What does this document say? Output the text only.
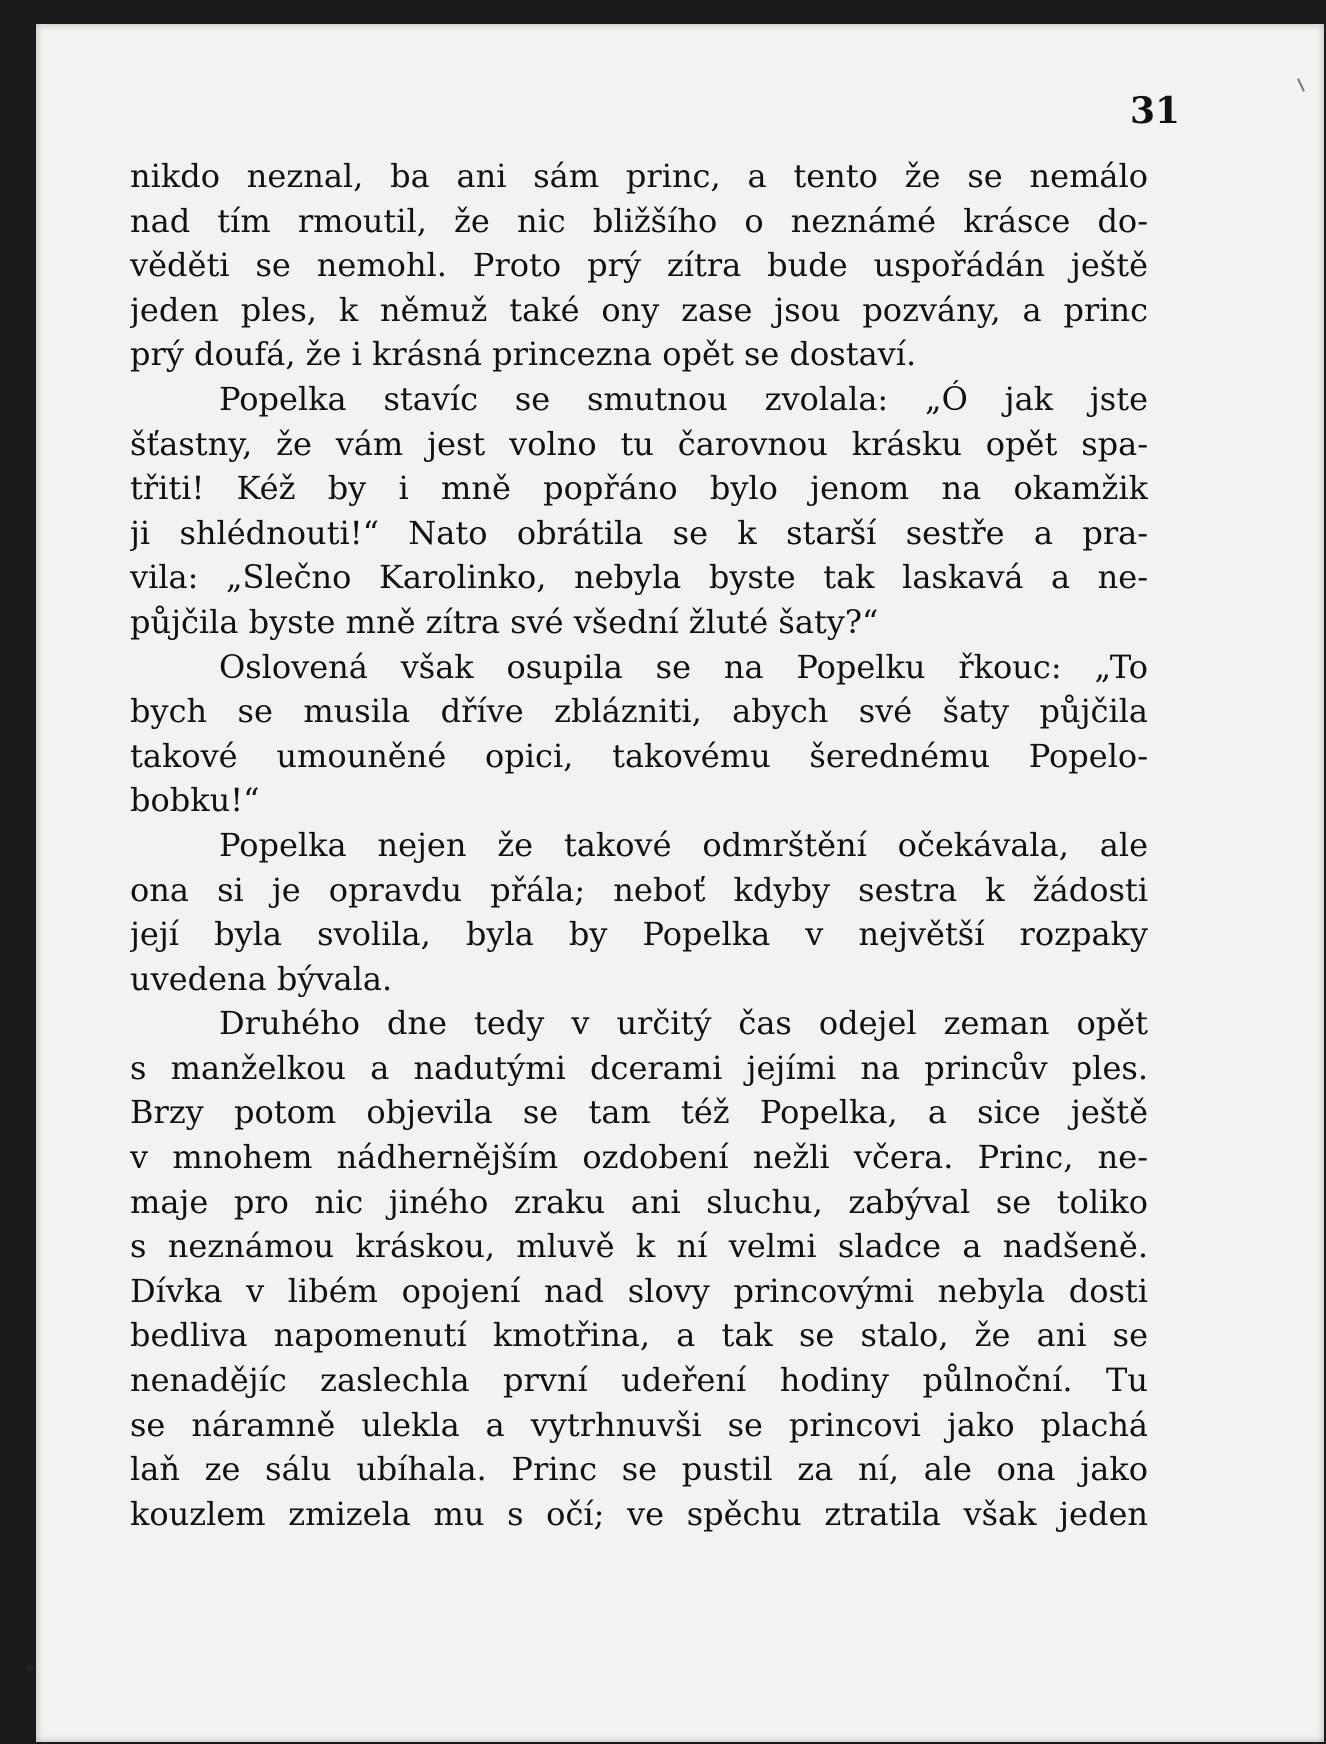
31
nikdo neznal, ba ani sám princ, a tento že se nemálo
nad tím rmoutil, že nic bližšího o neznámé krásce do-
věděti se nemohl. Proto prý zítra bude uspořádán ještě
jeden ples, k němuž také ony zase jsou pozvány, a princ
prý doufá, že i krásná princezna opět se dostaví.
Popelka stavíc se smutnou zvolala: „Ó jak jste
šťastny, že vám jest volno tu čarovnou krásku opět spa-
třiti! Kéž by i mně popřáno bylo jenom na okamžik
ji shlédnouti!“ Nato obrátila se k starší sestře a pra-
vila: „Slečno Karolinko, nebyla byste tak laskavá a ne-
půjčila byste mně zítra své všední žluté šaty?“
Oslovená však osupila se na Popelku řkouc: „To
bych se musila dříve zblázniti, abych své šaty půjčila
takové umouněné opici, takovému šerednému Popelo-
bobku!“
Popelka nejen že takové odmrštění očekávala, ale
ona si je opravdu přála; neboť kdyby sestra k žádosti
její byla svolila, byla by Popelka v největší rozpaky
uvedena bývala.
Druhého dne tedy v určitý čas odejel zeman opět
s manželkou a nadutými dcerami jejími na princův ples.
Brzy potom objevila se tam též Popelka, a sice ještě
v mnohem nádhernějším ozdobení nežli včera. Princ, ne-
maje pro nic jiného zraku ani sluchu, zabýval se toliko
s neznámou kráskou, mluvě k ní velmi sladce a nadšeně.
Dívka v libém opojení nad slovy princovými nebyla dosti
bedliva napomenutí kmotřina, a tak se stalo, že ani se
nenadějíc zaslechla první udeření hodiny půlnoční. Tu
se náramně ulekla a vytrhnuvši se princovi jako plachá
laň ze sálu ubíhala. Princ se pustil za ní, ale ona jako
kouzlem zmizela mu s očí; ve spěchu ztratila však jeden
